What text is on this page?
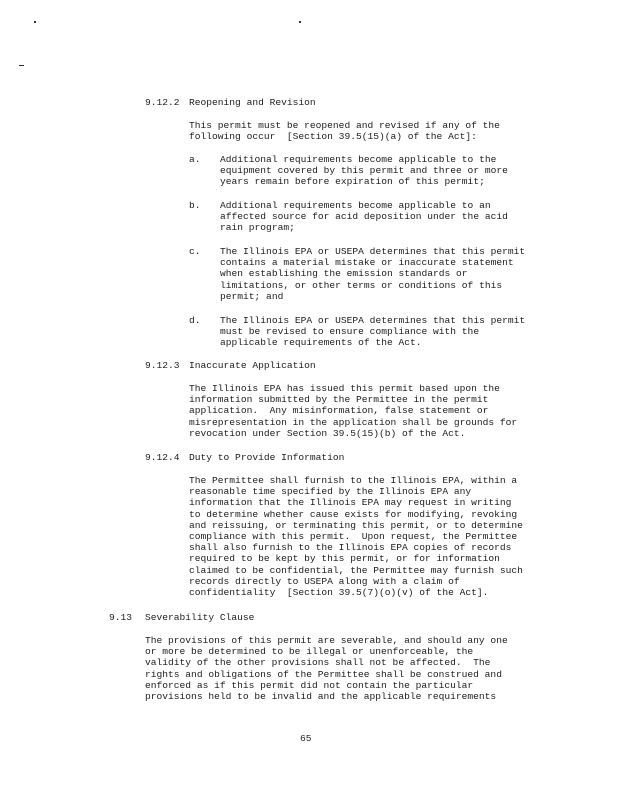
9.12.2 Reopening and Revision
This permit must be reopened and revised if any of the
following occur  [Section 39.5(15)(a) of the Act]:
a. Additional requirements become applicable to the
equipment covered by this permit and three or more
years remain before expiration of this permit;
b. Additional requirements become applicable to an
affected source for acid deposition under the acid
rain program;
c. The Illinois EPA or USEPA determines that this permit
contains a material mistake or inaccurate statement
when establishing the emission standards or
limitations, or other terms or conditions of this
permit; and
d. The Illinois EPA or USEPA determines that this permit
must be revised to ensure compliance with the
applicable requirements of the Act.
9.12.3 Inaccurate Application
The Illinois EPA has issued this permit based upon the
information submitted by the Permittee in the permit
application.  Any misinformation, false statement or
misrepresentation in the application shall be grounds for
revocation under Section 39.5(15)(b) of the Act.
9.12.4 Duty to Provide Information
The Permittee shall furnish to the Illinois EPA, within a
reasonable time specified by the Illinois EPA any
information that the Illinois EPA may request in writing
to determine whether cause exists for modifying, revoking
and reissuing, or terminating this permit, or to determine
compliance with this permit.  Upon request, the Permittee
shall also furnish to the Illinois EPA copies of records
required to be kept by this permit, or for information
claimed to be confidential, the Permittee may furnish such
records directly to USEPA along with a claim of
confidentiality  [Section 39.5(7)(o)(v) of the Act].
9.13 Severability Clause
The provisions of this permit are severable, and should any one
or more be determined to be illegal or unenforceable, the
validity of the other provisions shall not be affected.  The
rights and obligations of the Permittee shall be construed and
enforced as if this permit did not contain the particular
provisions held to be invalid and the applicable requirements
65
